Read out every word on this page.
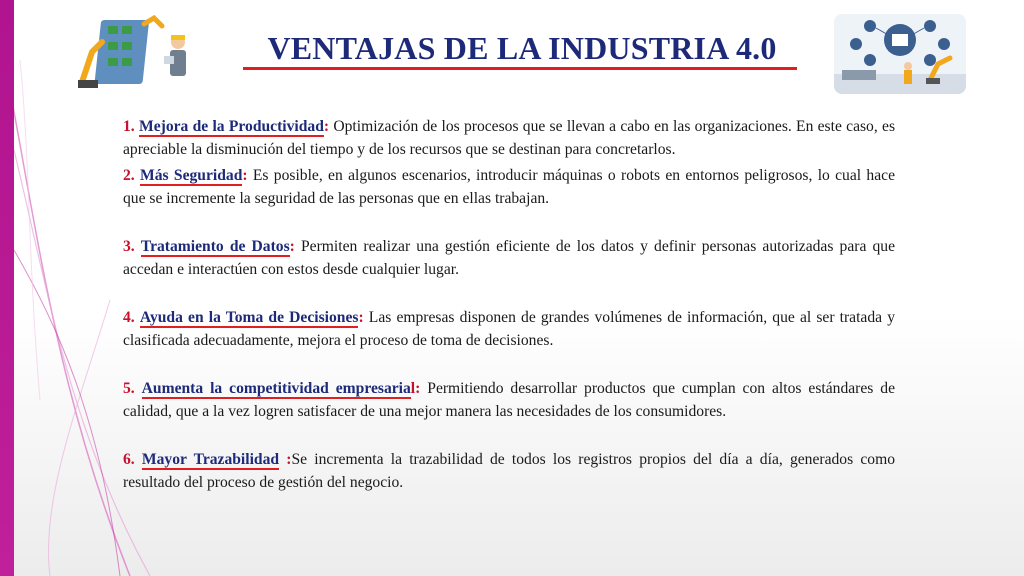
VENTAJAS DE LA INDUSTRIA 4.0

1. Mejora de la Productividad: Optimización de los procesos que se llevan a cabo en las organizaciones. En este caso, es apreciable la disminución del tiempo y de los recursos que se destinan para concretarlos.

2. Más Seguridad: Es posible, en algunos escenarios, introducir máquinas o robots en entornos peligrosos, lo cual hace que se incremente la seguridad de las personas que en ellas trabajan.

3. Tratamiento de Datos: Permiten realizar una gestión eficiente de los datos y definir personas autorizadas para que accedan e interactúen con estos desde cualquier lugar.

4. Ayuda en la Toma de Decisiones: Las empresas disponen de grandes volúmenes de información, que al ser tratada y clasificada adecuadamente, mejora el proceso de toma de decisiones.

5. Aumenta la competitividad empresarial: Permitiendo desarrollar productos que cumplan con altos estándares de calidad, que a la vez logren satisfacer de una mejor manera las necesidades de los consumidores.

6. Mayor Trazabilidad :Se incrementa la trazabilidad de todos los registros propios del día a día, generados como resultado del proceso de gestión del negocio.
